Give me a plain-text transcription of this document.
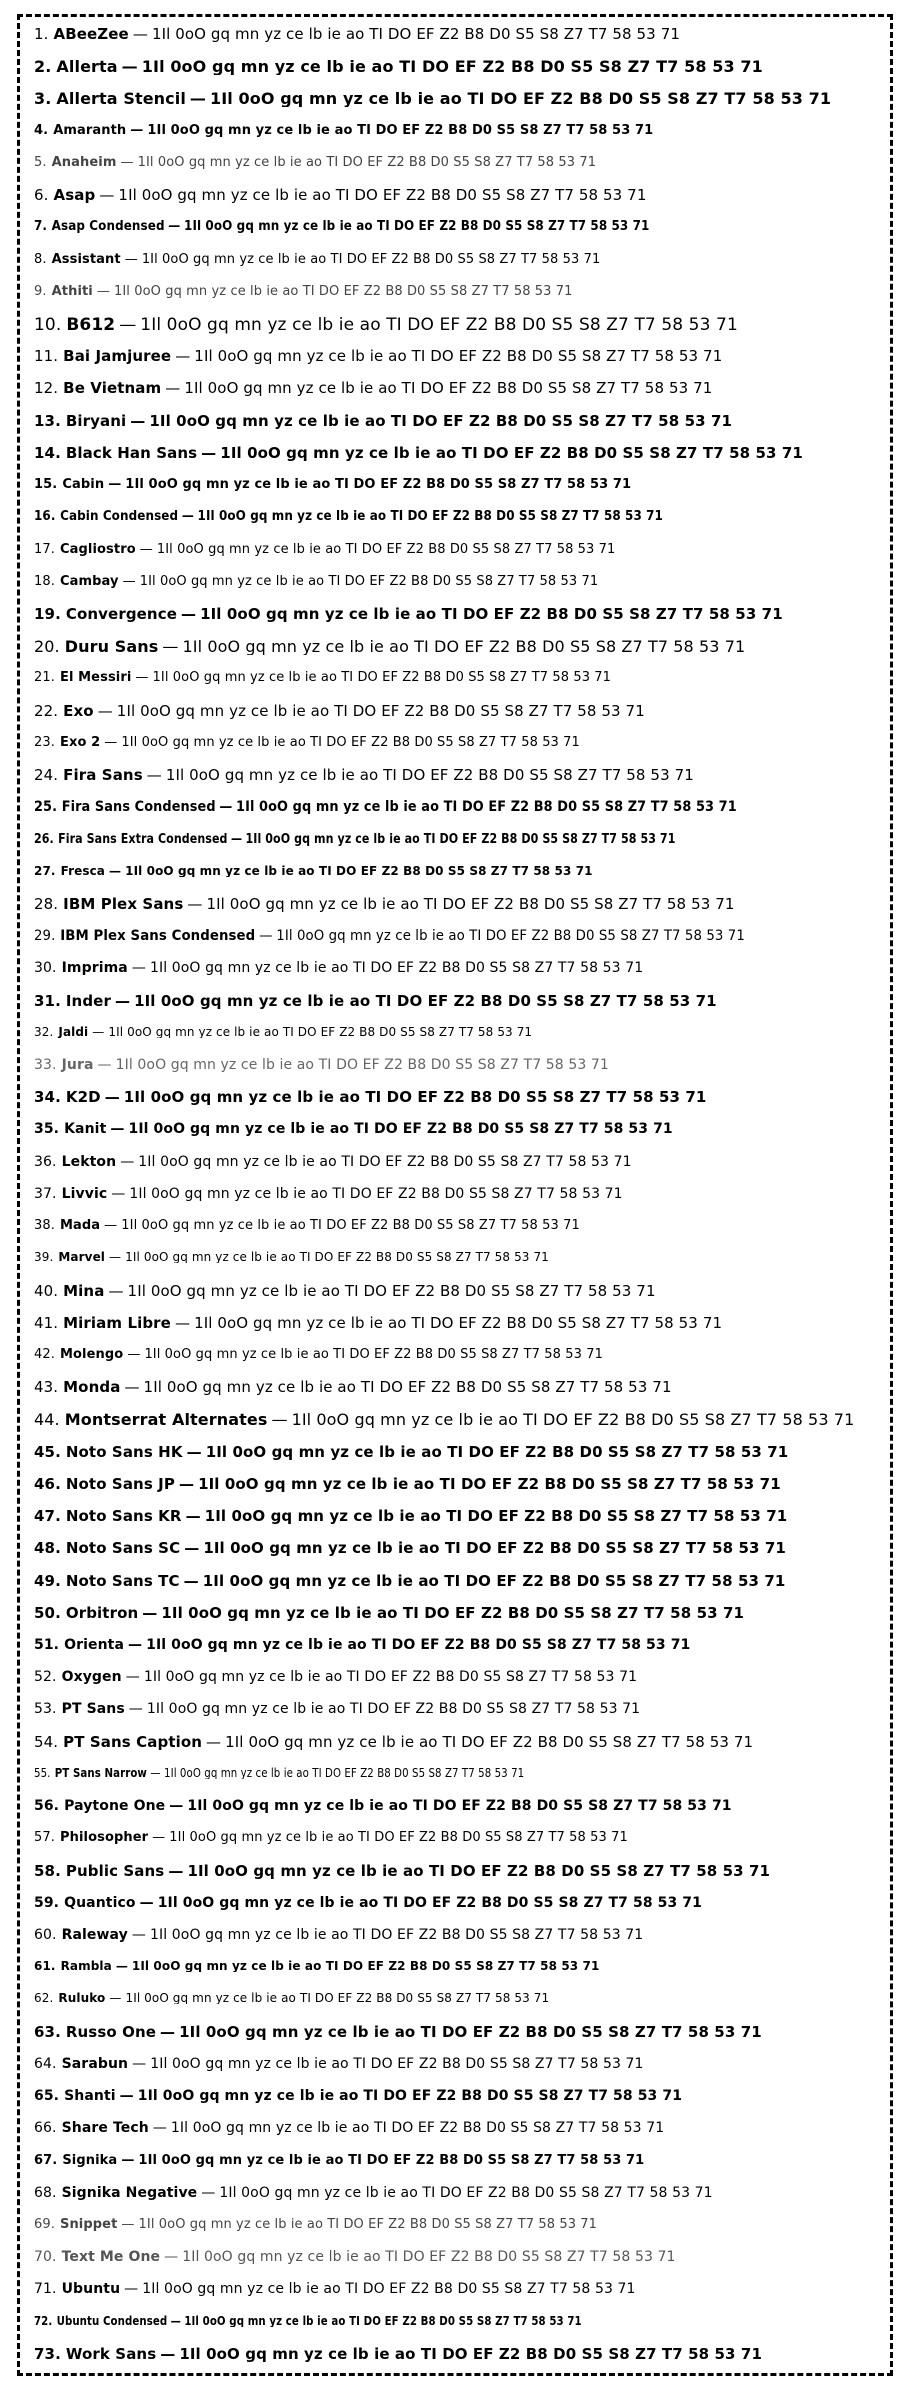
1. ABeeZee — 1Il 0oO gq mn yz ce lb ie ao TI DO EF Z2 B8 D0 S5 S8 Z7 T7 58 53 71
2. Allerta — 1Il 0oO gq mn yz ce lb ie ao TI DO EF Z2 B8 D0 S5 S8 Z7 T7 58 53 71
3. Allerta Stencil — 1Il 0oO gq mn yz ce lb ie ao TI DO EF Z2 B8 D0 S5 S8 Z7 T7 58 53 71
4. Amaranth — 1Il 0oO gq mn yz ce lb ie ao TI DO EF Z2 B8 D0 S5 S8 Z7 T7 58 53 71
5. Anaheim — 1Il 0oO gq mn yz ce lb ie ao TI DO EF Z2 B8 D0 S5 S8 Z7 T7 58 53 71
6. Asap — 1Il 0oO gq mn yz ce lb ie ao TI DO EF Z2 B8 D0 S5 S8 Z7 T7 58 53 71
7. Asap Condensed — 1Il 0oO gq mn yz ce lb ie ao TI DO EF Z2 B8 D0 S5 S8 Z7 T7 58 53 71
8. Assistant — 1Il 0oO gq mn yz ce lb ie ao TI DO EF Z2 B8 D0 S5 S8 Z7 T7 58 53 71
9. Athiti — 1Il 0oO gq mn yz ce lb ie ao TI DO EF Z2 B8 D0 S5 S8 Z7 T7 58 53 71
10. B612 — 1Il 0oO gq mn yz ce lb ie ao TI DO EF Z2 B8 D0 S5 S8 Z7 T7 58 53 71
11. Bai Jamjuree — 1Il 0oO gq mn yz ce lb ie ao TI DO EF Z2 B8 D0 S5 S8 Z7 T7 58 53 71
12. Be Vietnam — 1Il 0oO gq mn yz ce lb ie ao TI DO EF Z2 B8 D0 S5 S8 Z7 T7 58 53 71
13. Biryani — 1Il 0oO gq mn yz ce lb ie ao TI DO EF Z2 B8 D0 S5 S8 Z7 T7 58 53 71
14. Black Han Sans — 1Il 0oO gq mn yz ce lb ie ao TI DO EF Z2 B8 D0 S5 S8 Z7 T7 58 53 71
15. Cabin — 1Il 0oO gq mn yz ce lb ie ao TI DO EF Z2 B8 D0 S5 S8 Z7 T7 58 53 71
16. Cabin Condensed — 1Il 0oO gq mn yz ce lb ie ao TI DO EF Z2 B8 D0 S5 S8 Z7 T7 58 53 71
17. Cagliostro — 1Il 0oO gq mn yz ce lb ie ao TI DO EF Z2 B8 D0 S5 S8 Z7 T7 58 53 71
18. Cambay — 1Il 0oO gq mn yz ce lb ie ao TI DO EF Z2 B8 D0 S5 S8 Z7 T7 58 53 71
19. Convergence — 1Il 0oO gq mn yz ce lb ie ao TI DO EF Z2 B8 D0 S5 S8 Z7 T7 58 53 71
20. Duru Sans — 1Il 0oO gq mn yz ce lb ie ao TI DO EF Z2 B8 D0 S5 S8 Z7 T7 58 53 71
21. El Messiri — 1Il 0oO gq mn yz ce lb ie ao TI DO EF Z2 B8 D0 S5 S8 Z7 T7 58 53 71
22. Exo — 1Il 0oO gq mn yz ce lb ie ao TI DO EF Z2 B8 D0 S5 S8 Z7 T7 58 53 71
23. Exo 2 — 1Il 0oO gq mn yz ce lb ie ao TI DO EF Z2 B8 D0 S5 S8 Z7 T7 58 53 71
24. Fira Sans — 1Il 0oO gq mn yz ce lb ie ao TI DO EF Z2 B8 D0 S5 S8 Z7 T7 58 53 71
25. Fira Sans Condensed — 1Il 0oO gq mn yz ce lb ie ao TI DO EF Z2 B8 D0 S5 S8 Z7 T7 58 53 71
26. Fira Sans Extra Condensed — 1Il 0oO gq mn yz ce lb ie ao TI DO EF Z2 B8 D0 S5 S8 Z7 T7 58 53 71
27. Fresca — 1Il 0oO gq mn yz ce lb ie ao TI DO EF Z2 B8 D0 S5 S8 Z7 T7 58 53 71
28. IBM Plex Sans — 1Il 0oO gq mn yz ce lb ie ao TI DO EF Z2 B8 D0 S5 S8 Z7 T7 58 53 71
29. IBM Plex Sans Condensed — 1Il 0oO gq mn yz ce lb ie ao TI DO EF Z2 B8 D0 S5 S8 Z7 T7 58 53 71
30. Imprima — 1Il 0oO gq mn yz ce lb ie ao TI DO EF Z2 B8 D0 S5 S8 Z7 T7 58 53 71
31. Inder — 1Il 0oO gq mn yz ce lb ie ao TI DO EF Z2 B8 D0 S5 S8 Z7 T7 58 53 71
32. Jaldi — 1Il 0oO gq mn yz ce lb ie ao TI DO EF Z2 B8 D0 S5 S8 Z7 T7 58 53 71
33. Jura — 1Il 0oO gq mn yz ce lb ie ao TI DO EF Z2 B8 D0 S5 S8 Z7 T7 58 53 71
34. K2D — 1Il 0oO gq mn yz ce lb ie ao TI DO EF Z2 B8 D0 S5 S8 Z7 T7 58 53 71
35. Kanit — 1Il 0oO gq mn yz ce lb ie ao TI DO EF Z2 B8 D0 S5 S8 Z7 T7 58 53 71
36. Lekton — 1Il 0oO gq mn yz ce lb ie ao TI DO EF Z2 B8 D0 S5 S8 Z7 T7 58 53 71
37. Livvic — 1Il 0oO gq mn yz ce lb ie ao TI DO EF Z2 B8 D0 S5 S8 Z7 T7 58 53 71
38. Mada — 1Il 0oO gq mn yz ce lb ie ao TI DO EF Z2 B8 D0 S5 S8 Z7 T7 58 53 71
39. Marvel — 1Il 0oO gq mn yz ce lb ie ao TI DO EF Z2 B8 D0 S5 S8 Z7 T7 58 53 71
40. Mina — 1Il 0oO gq mn yz ce lb ie ao TI DO EF Z2 B8 D0 S5 S8 Z7 T7 58 53 71
41. Miriam Libre — 1Il 0oO gq mn yz ce lb ie ao TI DO EF Z2 B8 D0 S5 S8 Z7 T7 58 53 71
42. Molengo — 1Il 0oO gq mn yz ce lb ie ao TI DO EF Z2 B8 D0 S5 S8 Z7 T7 58 53 71
43. Monda — 1Il 0oO gq mn yz ce lb ie ao TI DO EF Z2 B8 D0 S5 S8 Z7 T7 58 53 71
44. Montserrat Alternates — 1Il 0oO gq mn yz ce lb ie ao TI DO EF Z2 B8 D0 S5 S8 Z7 T7 58 53 71
45. Noto Sans HK — 1Il 0oO gq mn yz ce lb ie ao TI DO EF Z2 B8 D0 S5 S8 Z7 T7 58 53 71
46. Noto Sans JP — 1Il 0oO gq mn yz ce lb ie ao TI DO EF Z2 B8 D0 S5 S8 Z7 T7 58 53 71
47. Noto Sans KR — 1Il 0oO gq mn yz ce lb ie ao TI DO EF Z2 B8 D0 S5 S8 Z7 T7 58 53 71
48. Noto Sans SC — 1Il 0oO gq mn yz ce lb ie ao TI DO EF Z2 B8 D0 S5 S8 Z7 T7 58 53 71
49. Noto Sans TC — 1Il 0oO gq mn yz ce lb ie ao TI DO EF Z2 B8 D0 S5 S8 Z7 T7 58 53 71
50. Orbitron — 1Il 0oO gq mn yz ce lb ie ao TI DO EF Z2 B8 D0 S5 S8 Z7 T7 58 53 71
51. Orienta — 1Il 0oO gq mn yz ce lb ie ao TI DO EF Z2 B8 D0 S5 S8 Z7 T7 58 53 71
52. Oxygen — 1Il 0oO gq mn yz ce lb ie ao TI DO EF Z2 B8 D0 S5 S8 Z7 T7 58 53 71
53. PT Sans — 1Il 0oO gq mn yz ce lb ie ao TI DO EF Z2 B8 D0 S5 S8 Z7 T7 58 53 71
54. PT Sans Caption — 1Il 0oO gq mn yz ce lb ie ao TI DO EF Z2 B8 D0 S5 S8 Z7 T7 58 53 71
55. PT Sans Narrow — 1Il 0oO gq mn yz ce lb ie ao TI DO EF Z2 B8 D0 S5 S8 Z7 T7 58 53 71
56. Paytone One — 1Il 0oO gq mn yz ce lb ie ao TI DO EF Z2 B8 D0 S5 S8 Z7 T7 58 53 71
57. Philosopher — 1Il 0oO gq mn yz ce lb ie ao TI DO EF Z2 B8 D0 S5 S8 Z7 T7 58 53 71
58. Public Sans — 1Il 0oO gq mn yz ce lb ie ao TI DO EF Z2 B8 D0 S5 S8 Z7 T7 58 53 71
59. Quantico — 1Il 0oO gq mn yz ce lb ie ao TI DO EF Z2 B8 D0 S5 S8 Z7 T7 58 53 71
60. Raleway — 1Il 0oO gq mn yz ce lb ie ao TI DO EF Z2 B8 D0 S5 S8 Z7 T7 58 53 71
61. Rambla — 1Il 0oO gq mn yz ce lb ie ao TI DO EF Z2 B8 D0 S5 S8 Z7 T7 58 53 71
62. Ruluko — 1Il 0oO gq mn yz ce lb ie ao TI DO EF Z2 B8 D0 S5 S8 Z7 T7 58 53 71
63. Russo One — 1Il 0oO gq mn yz ce lb ie ao TI DO EF Z2 B8 D0 S5 S8 Z7 T7 58 53 71
64. Sarabun — 1Il 0oO gq mn yz ce lb ie ao TI DO EF Z2 B8 D0 S5 S8 Z7 T7 58 53 71
65. Shanti — 1Il 0oO gq mn yz ce lb ie ao TI DO EF Z2 B8 D0 S5 S8 Z7 T7 58 53 71
66. Share Tech — 1Il 0oO gq mn yz ce lb ie ao TI DO EF Z2 B8 D0 S5 S8 Z7 T7 58 53 71
67. Signika — 1Il 0oO gq mn yz ce lb ie ao TI DO EF Z2 B8 D0 S5 S8 Z7 T7 58 53 71
68. Signika Negative — 1Il 0oO gq mn yz ce lb ie ao TI DO EF Z2 B8 D0 S5 S8 Z7 T7 58 53 71
69. Snippet — 1Il 0oO gq mn yz ce lb ie ao TI DO EF Z2 B8 D0 S5 S8 Z7 T7 58 53 71
70. Text Me One — 1Il 0oO gq mn yz ce lb ie ao TI DO EF Z2 B8 D0 S5 S8 Z7 T7 58 53 71
71. Ubuntu — 1Il 0oO gq mn yz ce lb ie ao TI DO EF Z2 B8 D0 S5 S8 Z7 T7 58 53 71
72. Ubuntu Condensed — 1Il 0oO gq mn yz ce lb ie ao TI DO EF Z2 B8 D0 S5 S8 Z7 T7 58 53 71
73. Work Sans — 1Il 0oO gq mn yz ce lb ie ao TI DO EF Z2 B8 D0 S5 S8 Z7 T7 58 53 71
